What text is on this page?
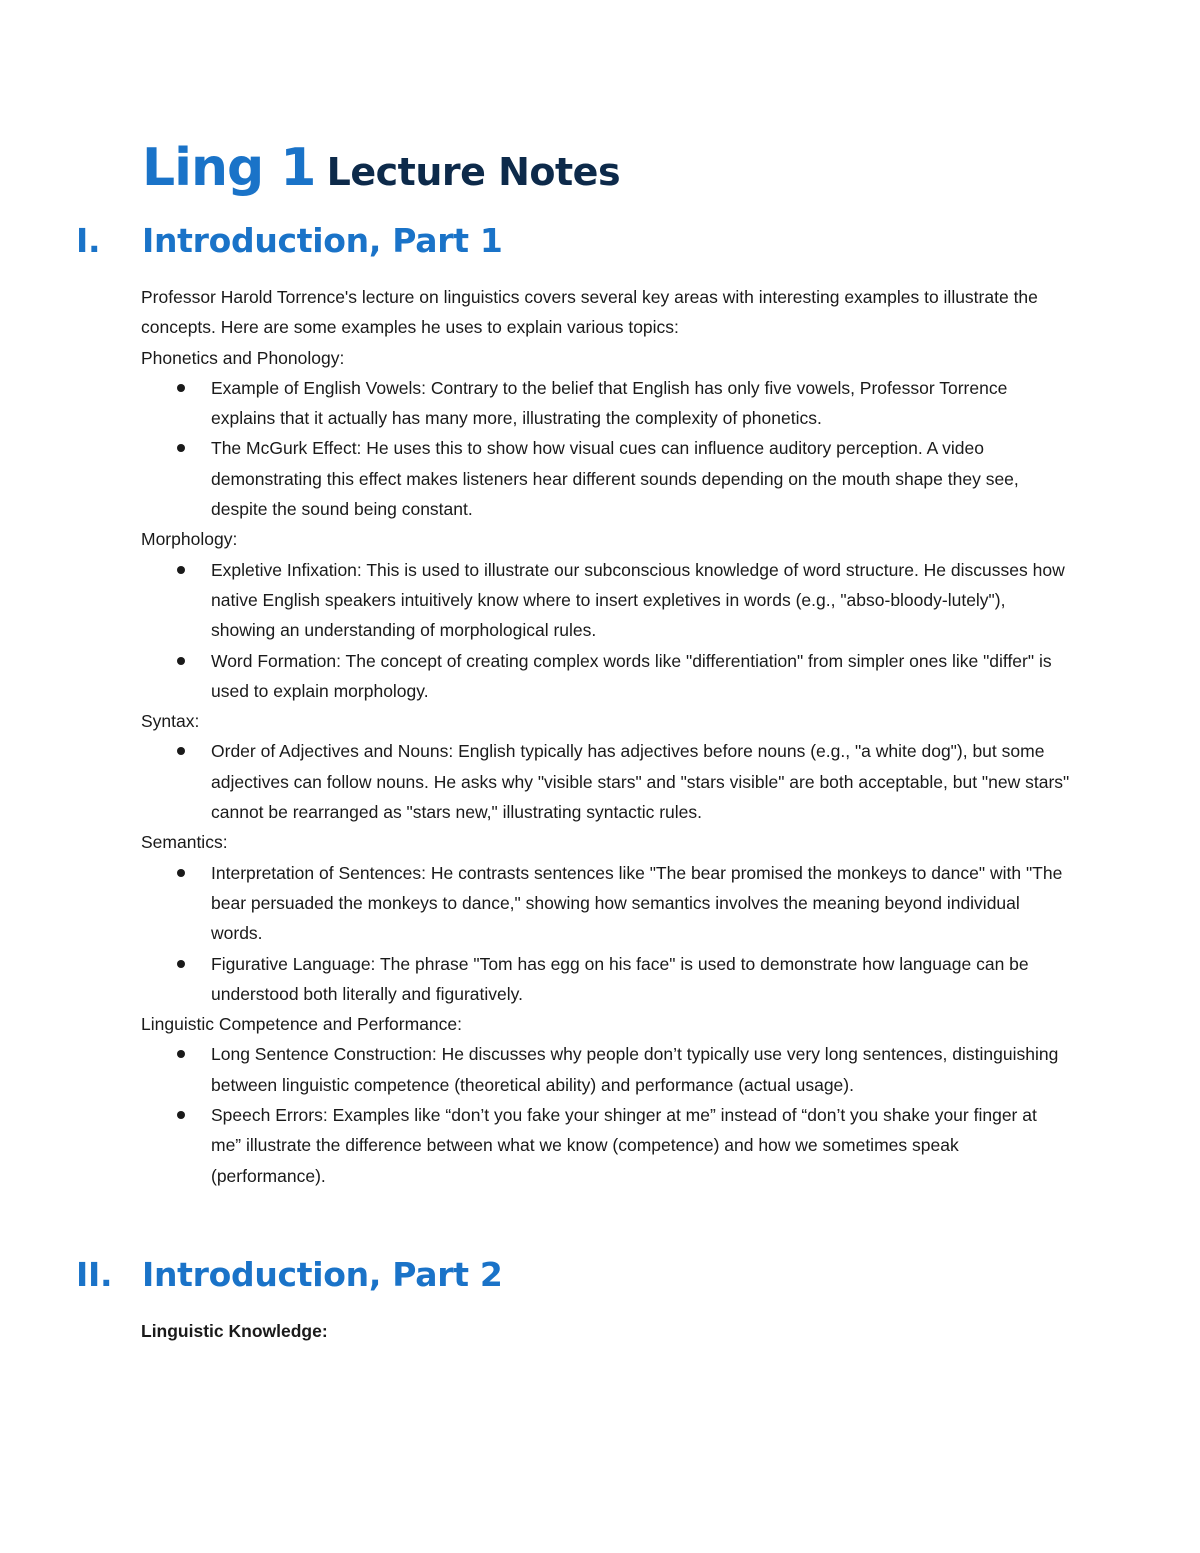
Ling 1 Lecture Notes
I. Introduction, Part 1

Professor Harold Torrence's lecture on linguistics covers several key areas with interesting examples to illustrate the concepts. Here are some examples he uses to explain various topics:

Phonetics and Phonology:

Example of English Vowels: Contrary to the belief that English has only five vowels, Professor Torrence explains that it actually has many more, illustrating the complexity of phonetics.
The McGurk Effect: He uses this to show how visual cues can influence auditory perception. A video demonstrating this effect makes listeners hear different sounds depending on the mouth shape they see, despite the sound being constant.

Morphology:

Expletive Infixation: This is used to illustrate our subconscious knowledge of word structure. He discusses how native English speakers intuitively know where to insert expletives in words (e.g., "abso-bloody-lutely"), showing an understanding of morphological rules.
Word Formation: The concept of creating complex words like "differentiation" from simpler ones like "differ" is used to explain morphology.

Syntax:

Order of Adjectives and Nouns: English typically has adjectives before nouns (e.g., "a white dog"), but some adjectives can follow nouns. He asks why "visible stars" and "stars visible" are both acceptable, but "new stars" cannot be rearranged as "stars new," illustrating syntactic rules.

Semantics:

Interpretation of Sentences: He contrasts sentences like "The bear promised the monkeys to dance" with "The bear persuaded the monkeys to dance," showing how semantics involves the meaning beyond individual words.
Figurative Language: The phrase "Tom has egg on his face" is used to demonstrate how language can be understood both literally and figuratively.

Linguistic Competence and Performance:

Long Sentence Construction: He discusses why people don’t typically use very long sentences, distinguishing between linguistic competence (theoretical ability) and performance (actual usage).
Speech Errors: Examples like “don’t you fake your shinger at me” instead of “don’t you shake your finger at me” illustrate the difference between what we know (competence) and how we sometimes speak (performance).
II. Introduction, Part 2

Linguistic Knowledge:
